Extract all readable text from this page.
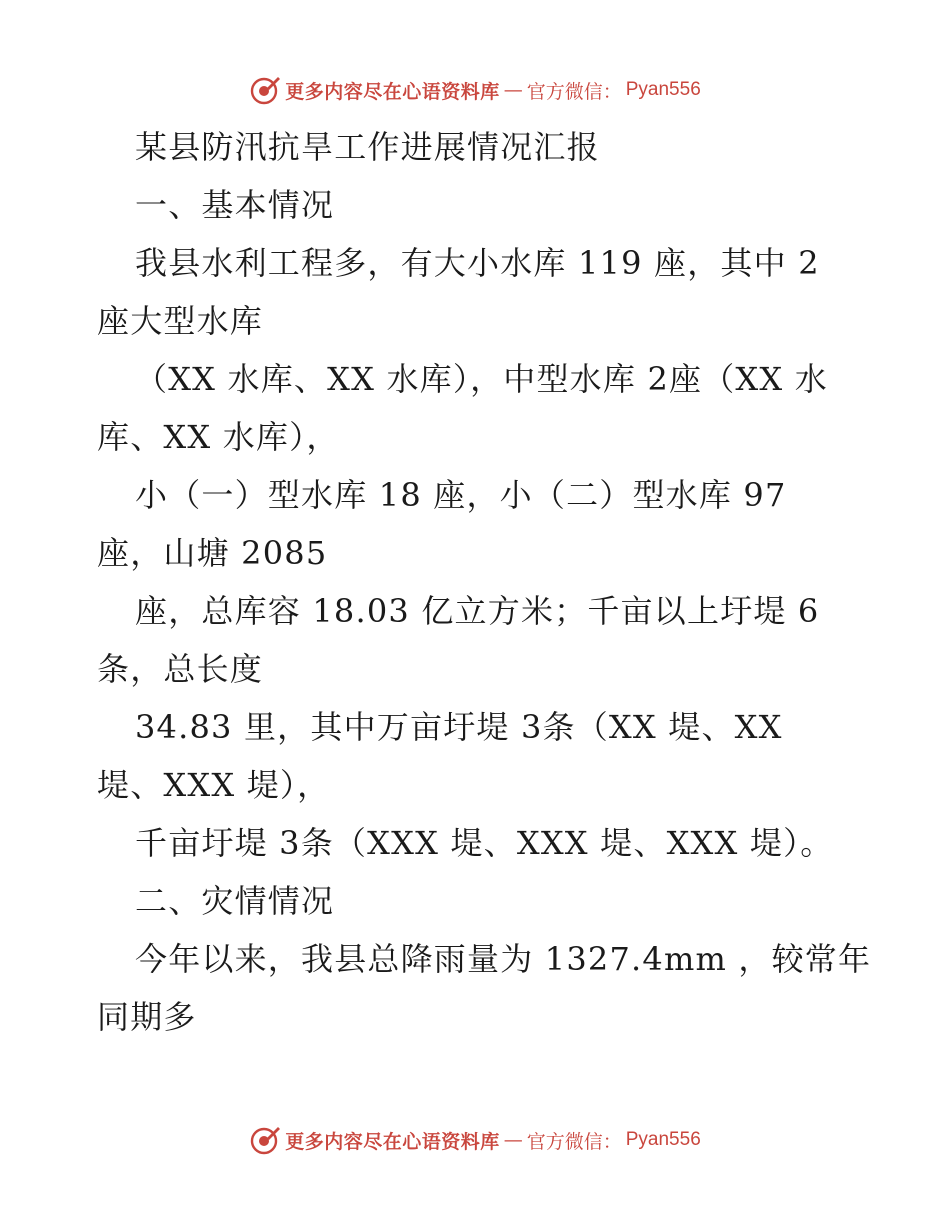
更多内容尽在心语资料库 — 官方微信： Pyan556
某县防汛抗旱工作进展情况汇报
一、基本情况
我县水利工程多，有大小水库 119 座，其中 2
座大型水库
（XX 水库、XX 水库），中型水库 2座（XX 水
库、XX 水库），
小（一）型水库 18 座，小（二）型水库 97
座，山塘 2085
座，总库容 18.03 亿立方米；千亩以上圩堤 6
条，总长度
34.83 里，其中万亩圩堤 3条（XX 堤、XX
堤、XXX 堤），
千亩圩堤 3条（XXX 堤、XXX 堤、XXX 堤）。
二、灾情情况
今年以来，我县总降雨量为 1327.4mm ，较常年
同期多
更多内容尽在心语资料库 — 官方微信： Pyan556
